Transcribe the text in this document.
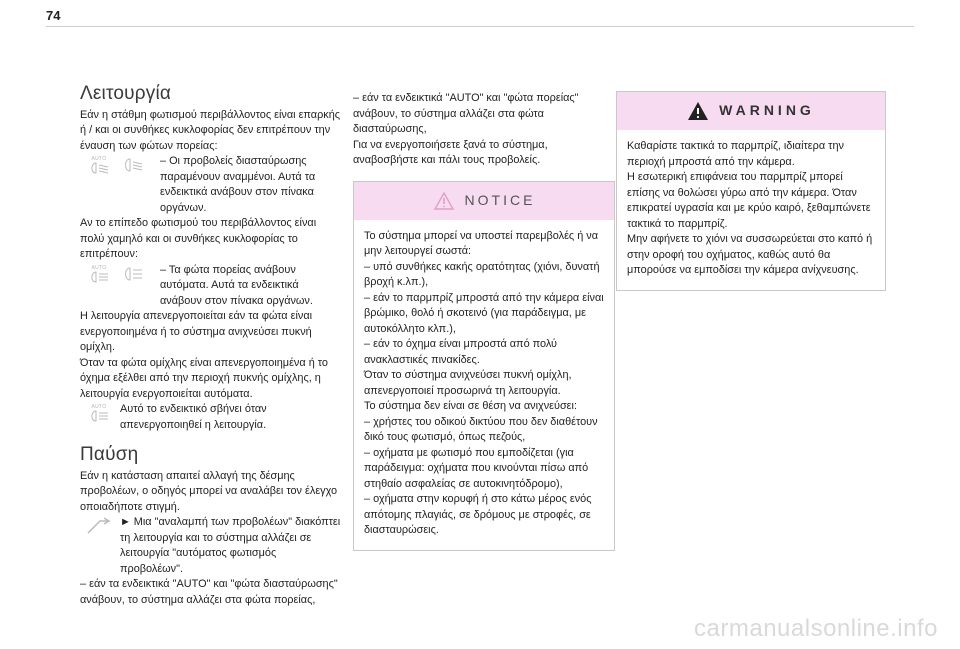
74
Λειτουργία

Εάν η στάθμη φωτισμού περιβάλλοντος είναι επαρκής ή / και οι συνθήκες κυκλοφορίας δεν επιτρέπουν την έναυση των φώτων πορείας:

AUTO	– Οι προβολείς διασταύρωσης παραμένουν αναμμένοι. Αυτά τα ενδεικτικά ανάβουν στον πίνακα οργάνων.

Αν το επίπεδο φωτισμού του περιβάλλοντος είναι πολύ χαμηλό και οι συνθήκες κυκλοφορίας το επιτρέπουν:

AUTO	– Τα φώτα πορείας ανάβουν αυτόματα. Αυτά τα ενδεικτικά ανάβουν στον πίνακα οργάνων.

Η λειτουργία απενεργοποιείται εάν τα φώτα είναι ενεργοποιημένα ή το σύστημα ανιχνεύσει πυκνή ομίχλη.

Όταν τα φώτα ομίχλης είναι απενεργοποιημένα ή το όχημα εξέλθει από την περιοχή πυκνής ομίχλης, η λειτουργία ενεργοποιείται αυτόματα.

AUTO Αυτό το ενδεικτικό σβήνει όταν απενεργοποιηθεί η λειτουργία.

Παύση

Εάν η κατάσταση απαιτεί αλλαγή της δέσμης προβολέων, ο οδηγός μπορεί να αναλάβει τον έλεγχο οποιαδήποτε στιγμή.

► Μια "αναλαμπή των προβολέων" διακόπτει τη λειτουργία και το σύστημα αλλάζει σε λειτουργία "αυτόματος φωτισμός προβολέων".

– εάν τα ενδεικτικά "AUTO" και "φώτα διασταύρωσης" ανάβουν, το σύστημα αλλάζει στα φώτα πορείας,

– εάν τα ενδεικτικά "AUTO" και "φώτα πορείας" ανάβουν, το σύστημα αλλάζει στα φώτα διασταύρωσης,

Για να ενεργοποιήσετε ξανά το σύστημα, αναβοσβήστε και πάλι τους προβολείς.

NOTICE

Το σύστημα μπορεί να υποστεί παρεμβολές ή να μην λειτουργεί σωστά:

– υπό συνθήκες κακής ορατότητας (χιόνι, δυνατή βροχή κ.λπ.),

– εάν το παρμπρίζ μπροστά από την κάμερα είναι βρώμικο, θολό ή σκοτεινό (για παράδειγμα, με αυτοκόλλητο κλπ.),

– εάν το όχημα είναι μπροστά από πολύ ανακλαστικές πινακίδες.

Όταν το σύστημα ανιχνεύσει πυκνή ομίχλη, απενεργοποιεί προσωρινά τη λειτουργία.

Το σύστημα δεν είναι σε θέση να ανιχνεύσει:

– χρήστες του οδικού δικτύου που δεν διαθέτουν δικό τους φωτισμό, όπως πεζούς,

– οχήματα με φωτισμό που εμποδίζεται (για παράδειγμα: οχήματα που κινούνται πίσω από στηθαίο ασφαλείας σε αυτοκινητόδρομο),

– οχήματα στην κορυφή ή στο κάτω μέρος ενός απότομης πλαγιάς, σε δρόμους με στροφές, σε διασταυρώσεις.

WARNING

Καθαρίστε τακτικά το παρμπρίζ, ιδιαίτερα την περιοχή μπροστά από την κάμερα.

Η εσωτερική επιφάνεια του παρμπρίζ μπορεί επίσης να θολώσει γύρω από την κάμερα. Όταν επικρατεί υγρασία και με κρύο καιρό, ξεθαμπώνετε τακτικά το παρμπρίζ.

Μην αφήνετε το χιόνι να συσσωρεύεται στο καπό ή στην οροφή του οχήματος, καθώς αυτό θα μπορούσε να εμποδίσει την κάμερα ανίχνευσης.

carmanualsonline.info
